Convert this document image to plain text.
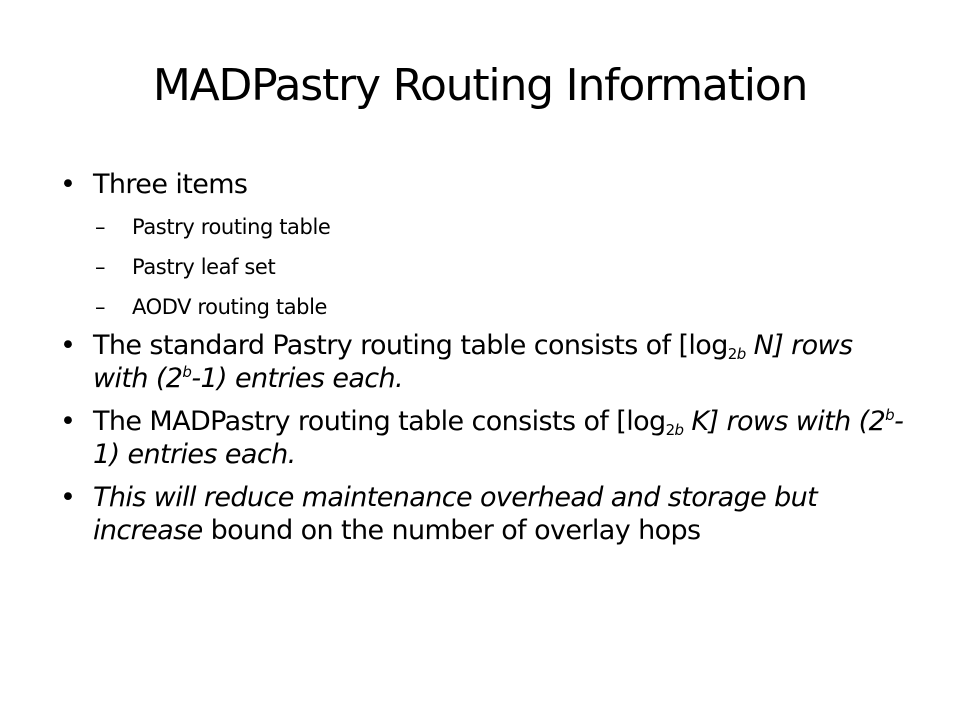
MADPastry Routing Information
•
Three items
–
Pastry routing table
–
Pastry leaf set
–
AODV routing table
•
The standard Pastry routing table consists of [$\log_{2b}$ N] rows with (2$^b$-1) entries each.
•
The MADPastry routing table consists of [$\log_{2b}$ K] rows with (2$^b$-1) entries each.
•
This will reduce maintenance overhead and storage but increase bound on the number of overlay hops
